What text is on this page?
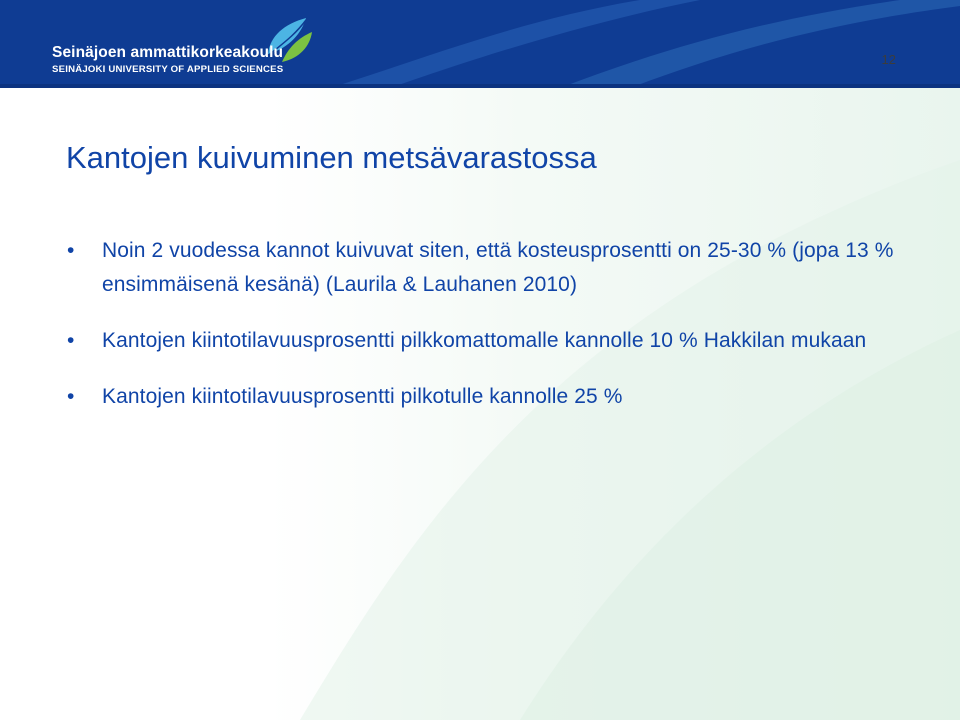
Seinäjoen ammattikorkeakoulu
SEINÄJOKI UNIVERSITY OF APPLIED SCIENCES
12
Kantojen kuivuminen metsävarastossa
• Noin 2 vuodessa kannot kuivuvat siten, että kosteusprosentti on 25-30 % (jopa 13 % ensimmäisenä kesänä) (Laurila & Lauhanen 2010)
• Kantojen kiintotilavuusprosentti pilkkomattomalle kannolle 10 % Hakkilan mukaan
• Kantojen kiintotilavuusprosentti pilkotulle kannolle 25 %
